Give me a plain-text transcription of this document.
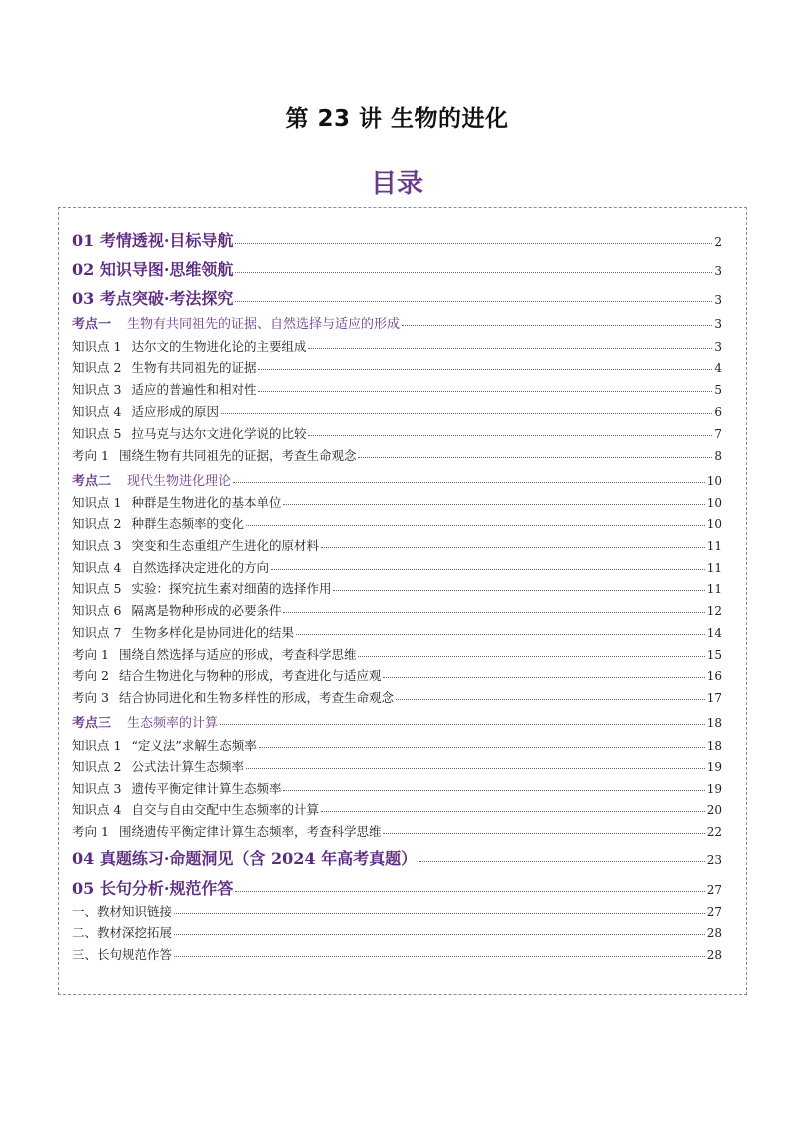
第 23 讲 生物的进化
目录
01 考情透视·目标导航	2
02 知识导图·思维领航	3
03 考点突破·考法探究	3
考点一 生物有共同祖先的证据、自然选择与适应的形成	3
知识点 1 达尔文的生物进化论的主要组成	3
知识点 2 生物有共同祖先的证据	4
知识点 3 适应的普遍性和相对性	5
知识点 4 适应形成的原因	6
知识点 5 拉马克与达尔文进化学说的比较	7
考向 1 围绕生物有共同祖先的证据，考查生命观念	8
考点二 现代生物进化理论	10
知识点 1 种群是生物进化的基本单位	10
知识点 2 种群生态频率的变化	10
知识点 3 突变和生态重组产生进化的原材料	11
知识点 4 自然选择决定进化的方向	11
知识点 5 实验：探究抗生素对细菌的选择作用	11
知识点 6 隔离是物种形成的必要条件	12
知识点 7 生物多样化是协同进化的结果	14
考向 1 围绕自然选择与适应的形成，考查科学思维	15
考向 2 结合生物进化与物种的形成，考查进化与适应观	16
考向 3 结合协同进化和生物多样性的形成，考查生命观念	17
考点三 生态频率的计算	18
知识点 1 “定义法”求解生态频率	18
知识点 2 公式法计算生态频率	19
知识点 3 遗传平衡定律计算生态频率	19
知识点 4 自交与自由交配中生态频率的计算	20
考向 1 围绕遗传平衡定律计算生态频率，考查科学思维	22
04 真题练习·命题洞见（含 2024 年高考真题）	23
05 长句分析·规范作答	27
一、教材知识链接	27
二、教材深挖拓展	28
三、长句规范作答	28
